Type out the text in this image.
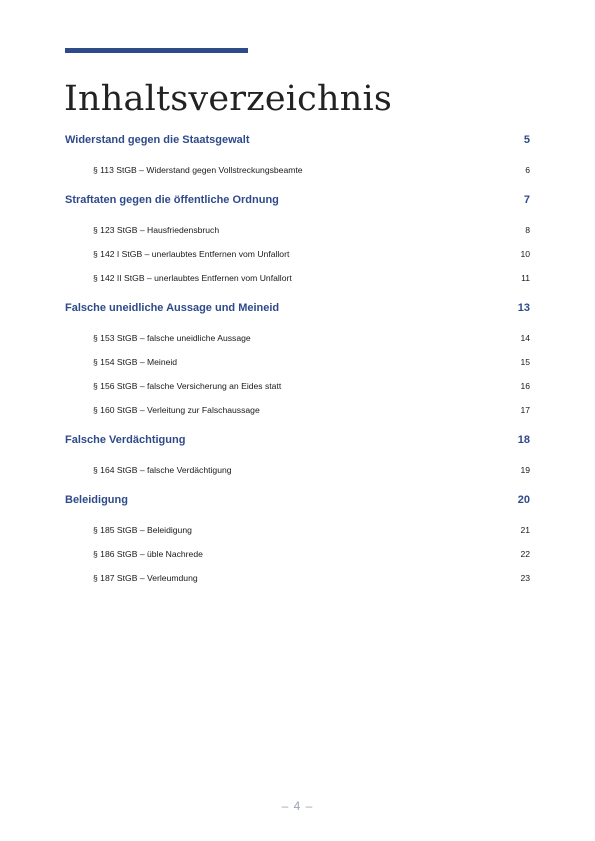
Inhaltsverzeichnis
Widerstand gegen die Staatsgewalt	5
§ 113 StGB – Widerstand gegen Vollstreckungsbeamte	6
Straftaten gegen die öffentliche Ordnung	7
§ 123 StGB – Hausfriedensbruch	8
§ 142 I StGB – unerlaubtes Entfernen vom Unfallort	10
§ 142 II StGB – unerlaubtes Entfernen vom Unfallort	11
Falsche uneidliche Aussage und Meineid	13
§ 153 StGB – falsche uneidliche Aussage	14
§ 154 StGB – Meineid	15
§ 156 StGB – falsche Versicherung an Eides statt	16
§ 160 StGB – Verleitung zur Falschaussage	17
Falsche Verdächtigung	18
§ 164 StGB – falsche Verdächtigung	19
Beleidigung	20
§ 185 StGB – Beleidigung	21
§ 186 StGB – üble Nachrede	22
§ 187 StGB – Verleumdung	23
– 4 –
